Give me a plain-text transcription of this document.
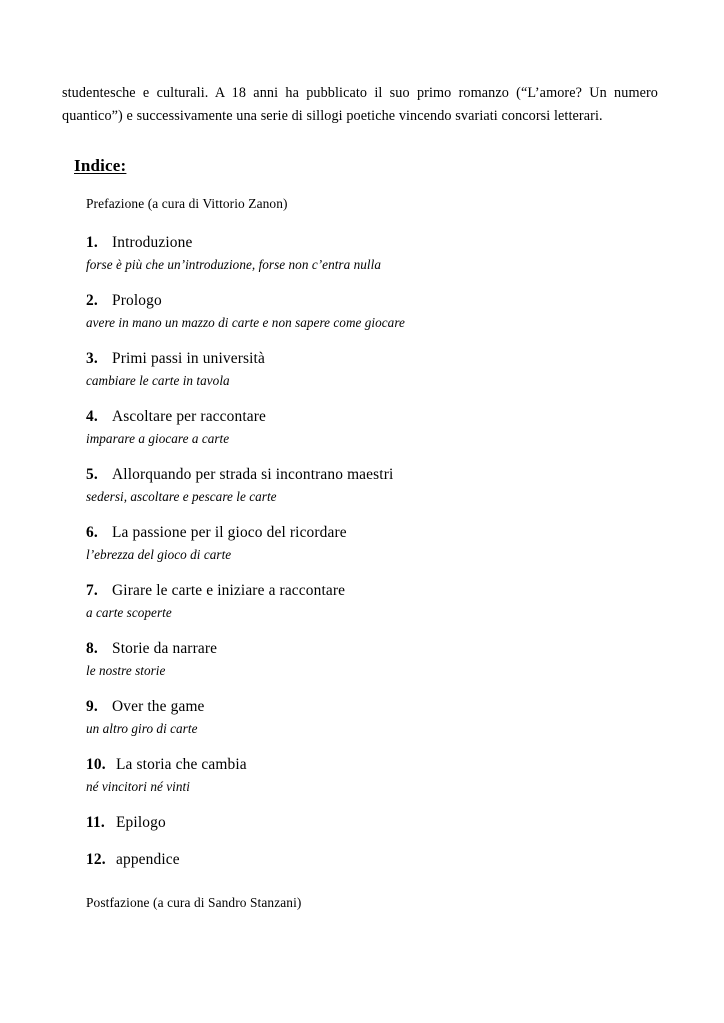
studentesche e culturali. A 18 anni ha pubblicato il suo primo romanzo (“L’amore? Un numero quantico”) e successivamente una serie di sillogi poetiche vincendo svariati concorsi letterari.

Indice:
Prefazione (a cura di Vittorio Zanon)
1. Introduzione
forse è più che un’introduzione, forse non c’entra nulla
2. Prologo
avere in mano un mazzo di carte e non sapere come giocare
3. Primi passi in università
cambiare le carte in tavola
4. Ascoltare per raccontare
imparare a giocare a carte
5. Allorquando per strada si incontrano maestri
sedersi, ascoltare e pescare le carte
6. La passione per il gioco del ricordare
l’ebrezza del gioco di carte
7. Girare le carte e iniziare a raccontare
a carte scoperte
8. Storie da narrare
le nostre storie
9. Over the game
un altro giro di carte
10. La storia che cambia
né vincitori né vinti
11. Epilogo
12. appendice
Postfazione (a cura di Sandro Stanzani)
